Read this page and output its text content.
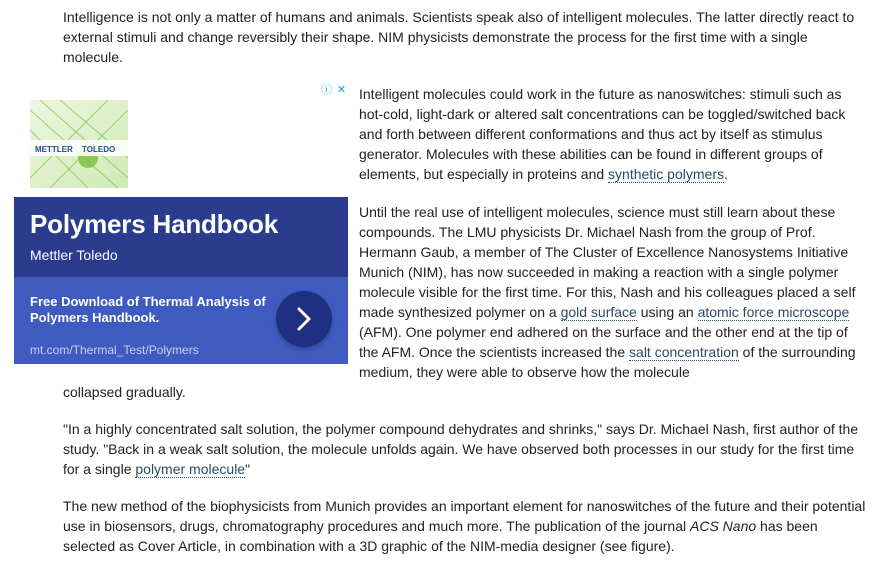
Intelligence is not only a matter of humans and animals. Scientists speak also of intelligent molecules. The latter directly react to external stimuli and change reversibly their shape. NIM physicists demonstrate the process for the first time with a single molecule.

METTLER TOLEDO
ⓘ ✕
Polymers Handbook
Mettler Toledo
Free Download of Thermal Analysis of Polymers Handbook.
mt.com/Thermal_Test/Polymers

Intelligent molecules could work in the future as nanoswitches: stimuli such as hot-cold, light-dark or altered salt concentrations can be toggled/switched back and forth between different conformations and thus act by itself as stimulus generator. Molecules with these abilities can be found in different groups of elements, but especially in proteins and synthetic polymers.

Until the real use of intelligent molecules, science must still learn about these compounds. The LMU physicists Dr. Michael Nash from the group of Prof. Hermann Gaub, a member of The Cluster of Excellence Nanosystems Initiative Munich (NIM), has now succeeded in making a reaction with a single polymer molecule visible for the first time. For this, Nash and his colleagues placed a self made synthesized polymer on a gold surface using an atomic force microscope (AFM). One polymer end adhered on the surface and the other end at the tip of the AFM. Once the scientists increased the salt concentration of the surrounding medium, they were able to observe how the molecule

collapsed gradually.

"In a highly concentrated salt solution, the polymer compound dehydrates and shrinks," says Dr. Michael Nash, first author of the study. "Back in a weak salt solution, the molecule unfolds again. We have observed both processes in our study for the first time for a single polymer molecule"

The new method of the biophysicists from Munich provides an important element for nanoswitches of the future and their potential use in biosensors, drugs, chromatography procedures and much more. The publication of the journal ACS Nano has been selected as Cover Article, in combination with a 3D graphic of the NIM-media designer (see figure).
